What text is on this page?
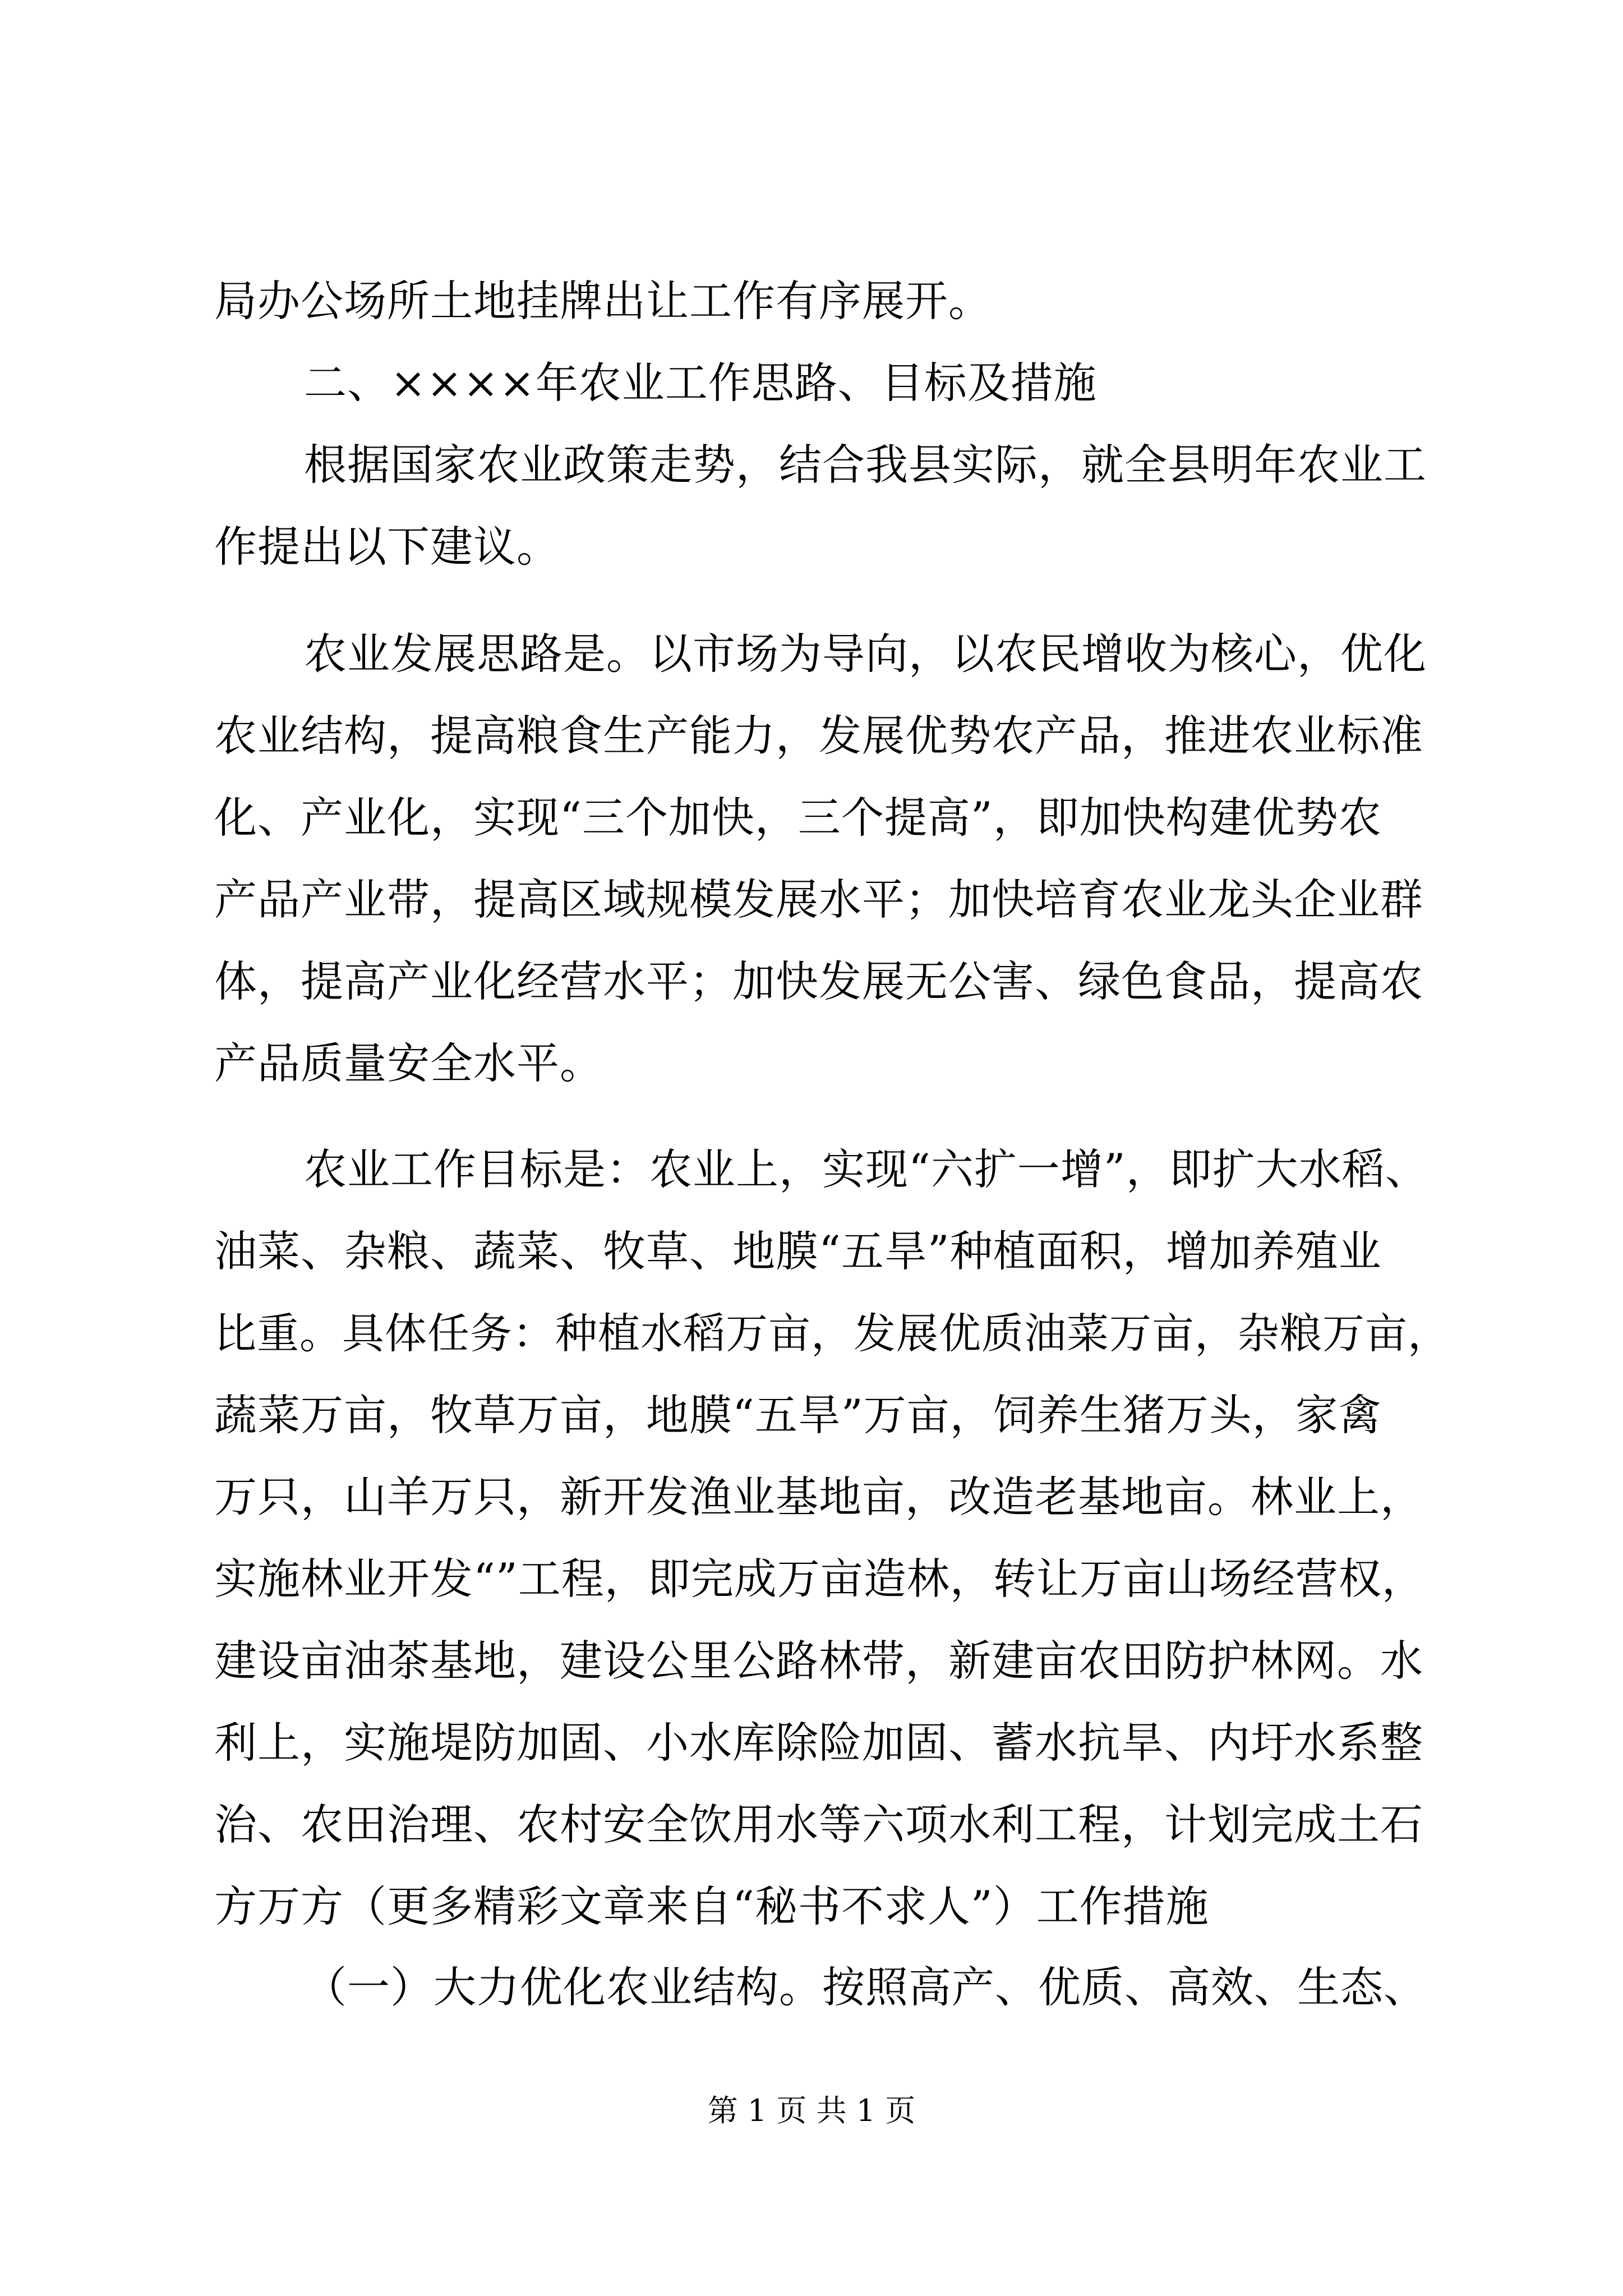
局办公场所土地挂牌出让工作有序展开。
二、××××年农业工作思路、目标及措施
根据国家农业政策走势，结合我县实际，就全县明年农业工
作提出以下建议。
农业发展思路是。以市场为导向，以农民增收为核心，优化
农业结构，提高粮食生产能力，发展优势农产品，推进农业标准
化、产业化，实现“三个加快，三个提高”，即加快构建优势农
产品产业带，提高区域规模发展水平；加快培育农业龙头企业群
体，提高产业化经营水平；加快发展无公害、绿色食品，提高农
产品质量安全水平。
农业工作目标是：农业上，实现“六扩一增”，即扩大水稻、
油菜、杂粮、蔬菜、牧草、地膜“五旱”种植面积，增加养殖业
比重。具体任务：种植水稻万亩，发展优质油菜万亩，杂粮万亩，
蔬菜万亩，牧草万亩，地膜“五旱”万亩，饲养生猪万头，家禽
万只，山羊万只，新开发渔业基地亩，改造老基地亩。林业上，
实施林业开发“”工程，即完成万亩造林，转让万亩山场经营权，
建设亩油茶基地，建设公里公路林带，新建亩农田防护林网。水
利上，实施堤防加固、小水库除险加固、蓄水抗旱、内圩水系整
治、农田治理、农村安全饮用水等六项水利工程，计划完成土石
方万方（更多精彩文章来自“秘书不求人”）工作措施
（一）大力优化农业结构。按照高产、优质、高效、生态、
第 1 页 共 1 页
